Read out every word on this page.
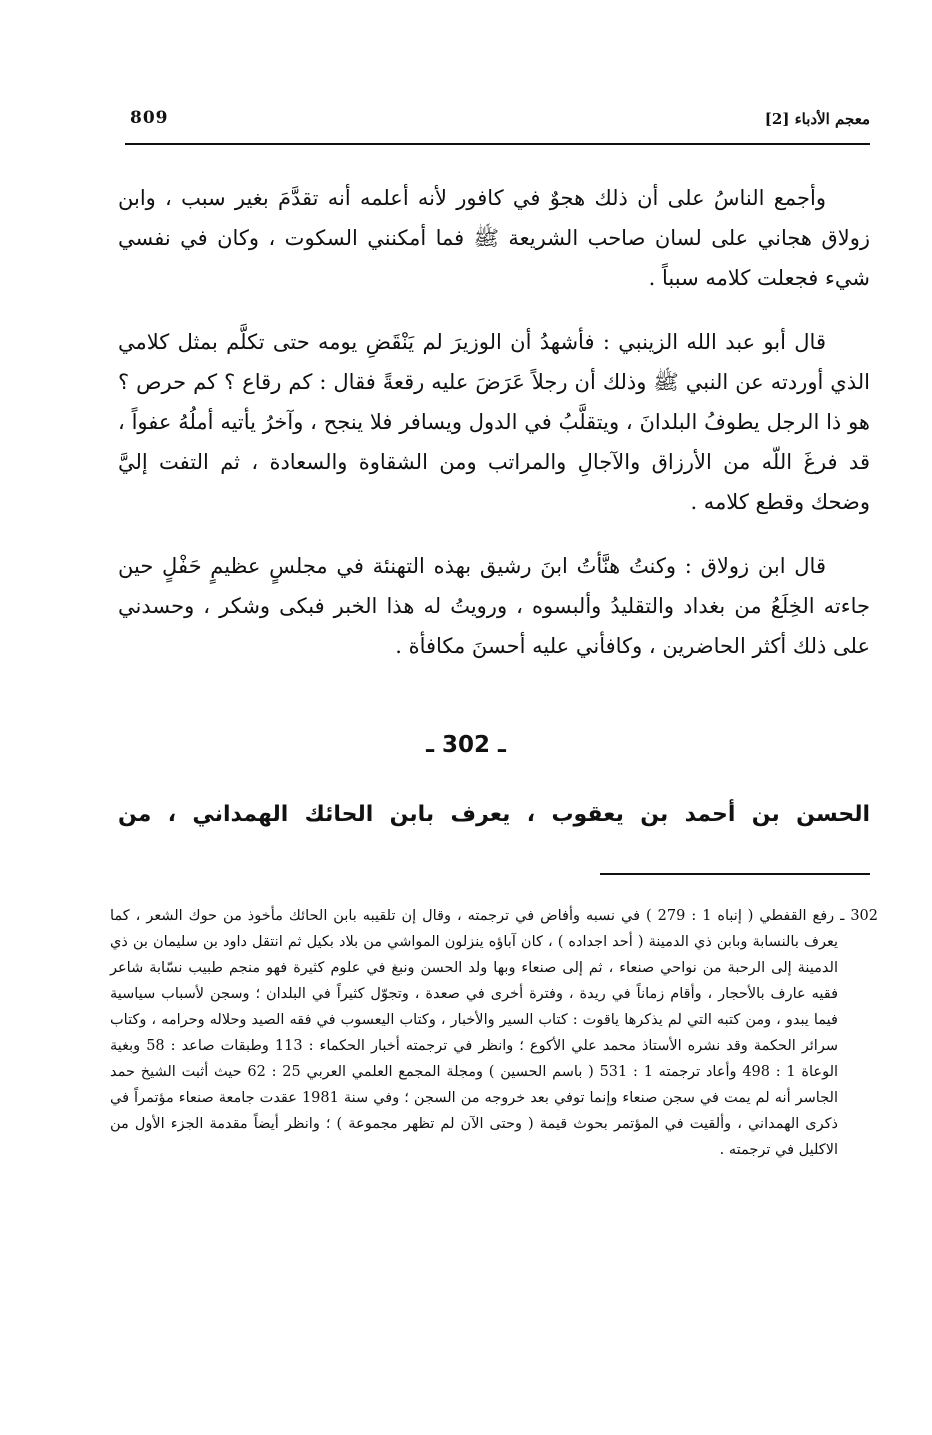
معجم الأدباء [2]
809

وأجمع الناسُ على أن ذلك هجوٌ في كافور لأنه أعلمه أنه تقدَّمَ بغير سبب ، وابن زولاق هجاني على لسان صاحب الشريعة ﷺ فما أمكنني السكوت ، وكان في نفسي شيء فجعلت كلامه سبباً .

قال أبو عبد الله الزينبي : فأشهدُ أن الوزيرَ لم يَنْقَضِ يومه حتى تكلَّم بمثل كلامي الذي أوردته عن النبي ﷺ وذلك أن رجلاً عَرَضَ عليه رقعةً فقال : كم رقاع ؟ كم حرص ؟ هو ذا الرجل يطوفُ البلدانَ ، ويتقلَّبُ في الدول ويسافر فلا ينجح ، وآخرُ يأتيه أملُهُ عفواً ، قد فرغَ اللّه من الأرزاق والآجالِ والمراتب ومن الشقاوة والسعادة ، ثم التفت إليَّ وضحك وقطع كلامه .

قال ابن زولاق : وكنتُ هنَّأتُ ابنَ رشيق بهذه التهنئة في مجلسٍ عظيمٍ حَفْلٍ حين جاءته الخِلَعُ من بغداد والتقليدُ وألبسوه ، ورويتُ له هذا الخبر فبكى وشكر ، وحسدني على ذلك أكثر الحاضرين ، وكافأني عليه أحسنَ مكافأة .

ـ 302 ـ
الحسن بن أحمد بن يعقوب ، يعرف بابن الحائك الهمداني ، من
302 ـ رفع القفطي ( إنباه 1 : 279 ) في نسبه وأفاض في ترجمته ، وقال إن تلقيبه بابن الحائك مأخوذ من حوك الشعر ، كما يعرف بالنسابة وبابن ذي الدمينة ( أحد اجداده ) ، كان آباؤه ينزلون المواشي من بلاد بكيل ثم انتقل داود بن سليمان بن ذي الدمينة إلى الرحبة من نواحي صنعاء ، ثم إلى صنعاء وبها ولد الحسن ونبغ في علوم كثيرة فهو منجم طبيب نسّابة شاعر فقيه عارف بالأحجار ، وأقام زماناً في ريدة ، وفترة أخرى في صعدة ، وتجوّل كثيراً في البلدان ؛ وسجن لأسباب سياسية فيما يبدو ، ومن كتبه التي لم يذكرها ياقوت : كتاب السير والأخبار ، وكتاب اليعسوب في فقه الصيد وحلاله وحرامه ، وكتاب سرائر الحكمة وقد نشره الأستاذ محمد علي الأكوع ؛ وانظر في ترجمته أخبار الحكماء : 113 وطبقات صاعد : 58 وبغية الوعاة 1 : 498 وأعاد ترجمته 1 : 531 ( باسم الحسين ) ومجلة المجمع العلمي العربي 25 : 62 حيث أثبت الشيخ حمد الجاسر أنه لم يمت في سجن صنعاء وإنما توفي بعد خروجه من السجن ؛ وفي سنة 1981 عقدت جامعة صنعاء مؤتمراً في ذكرى الهمداني ، وألقيت في المؤتمر بحوث قيمة ( وحتى الآن لم تظهر مجموعة ) ؛ وانظر أيضاً مقدمة الجزء الأول من الاكليل في ترجمته .
